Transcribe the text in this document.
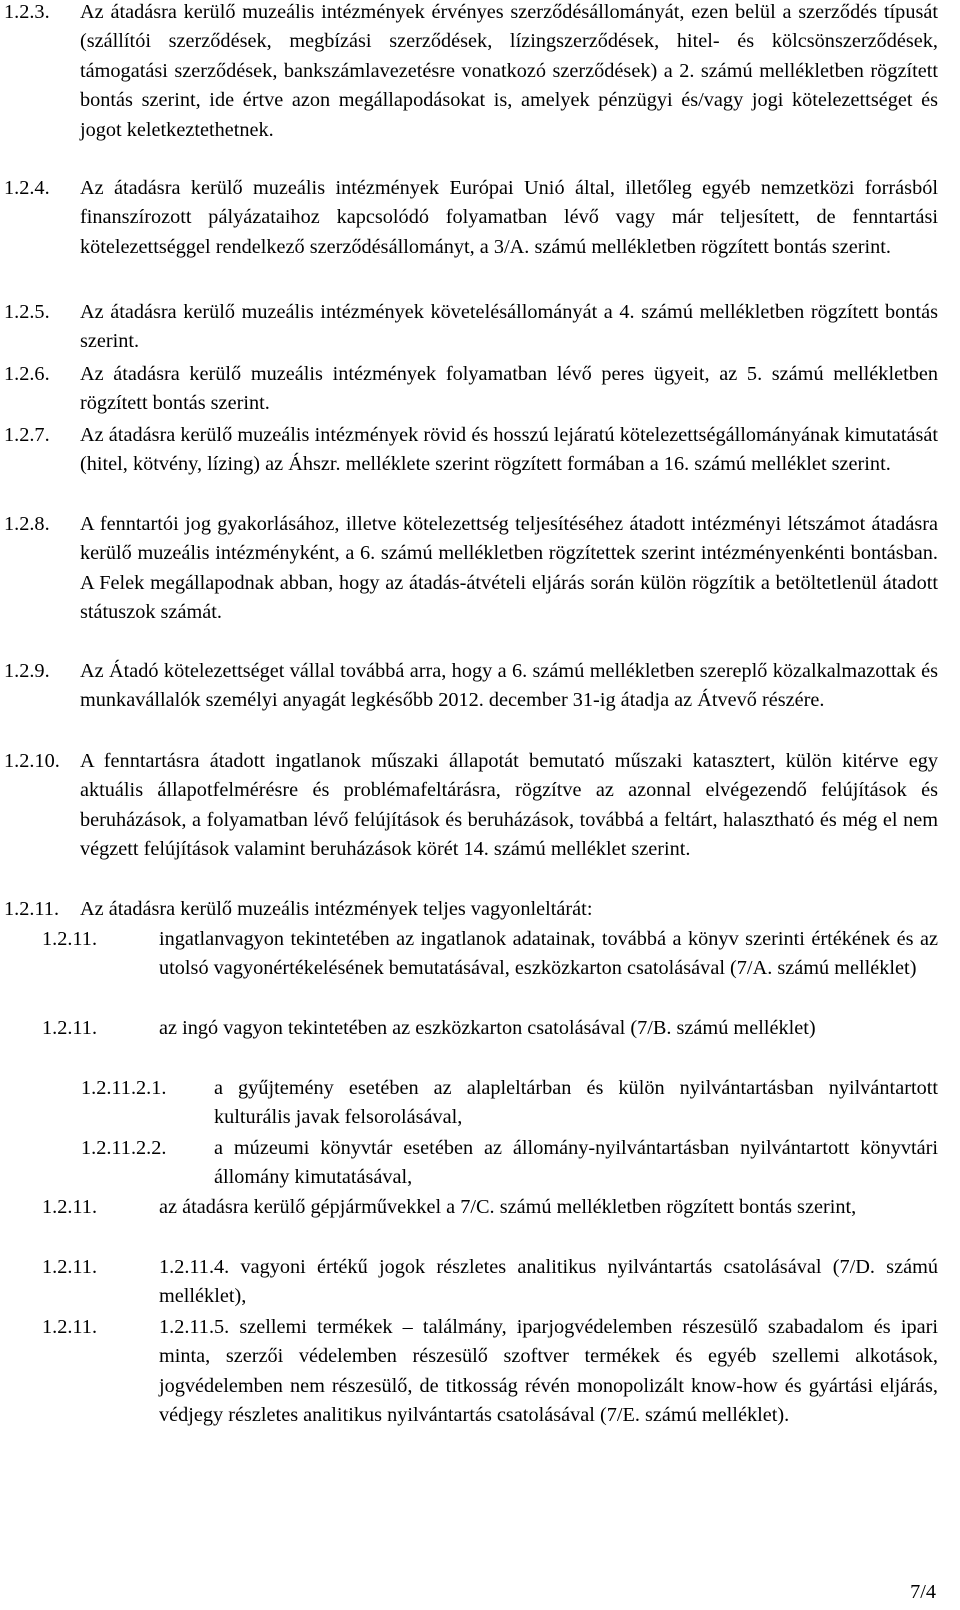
1.2.3. Az átadásra kerülő muzeális intézmények érvényes szerződésállományát, ezen belül a szerződés típusát (szállítói szerződések, megbízási szerződések, lízingszerződések, hitel- és kölcsönszerződések, támogatási szerződések, bankszámlavezetésre vonatkozó szerződések) a 2. számú mellékletben rögzített bontás szerint, ide értve azon megállapodásokat is, amelyek pénzügyi és/vagy jogi kötelezettséget és jogot keletkeztethetnek.

1.2.4. Az átadásra kerülő muzeális intézmények Európai Unió által, illetőleg egyéb nemzetközi forrásból finanszírozott pályázataihoz kapcsolódó folyamatban lévő vagy már teljesített, de fenntartási kötelezettséggel rendelkező szerződésállományt, a 3/A. számú mellékletben rögzített bontás szerint.

1.2.5. Az átadásra kerülő muzeális intézmények követelésállományát a 4. számú mellékletben rögzített bontás szerint.

1.2.6. Az átadásra kerülő muzeális intézmények folyamatban lévő peres ügyeit, az 5. számú mellékletben rögzített bontás szerint.

1.2.7. Az átadásra kerülő muzeális intézmények rövid és hosszú lejáratú kötelezettségállományának kimutatását (hitel, kötvény, lízing) az Áhszr. melléklete szerint rögzített formában a 16. számú melléklet szerint.

1.2.8. A fenntartói jog gyakorlásához, illetve kötelezettség teljesítéséhez átadott intézményi létszámot átadásra kerülő muzeális intézményként, a 6. számú mellékletben rögzítettek szerint intézményenkénti bontásban. A Felek megállapodnak abban, hogy az átadás-átvételi eljárás során külön rögzítik a betöltetlenül átadott státuszok számát.

1.2.9. Az Átadó kötelezettséget vállal továbbá arra, hogy a 6. számú mellékletben szereplő közalkalmazottak és munkavállalók személyi anyagát legkésőbb 2012. december 31-ig átadja az Átvevő részére.

1.2.10. A fenntartásra átadott ingatlanok műszaki állapotát bemutató műszaki katasztert, külön kitérve egy aktuális állapotfelmérésre és problémafeltárásra, rögzítve az azonnal elvégezendő felújítások és beruházások, a folyamatban lévő felújítások és beruházások, továbbá a feltárt, halasztható és még el nem végzett felújítások valamint beruházások körét 14. számú melléklet szerint.

1.2.11. Az átadásra kerülő muzeális intézmények teljes vagyonleltárát:

1.2.11.	ingatlanvagyon tekintetében az ingatlanok adatainak, továbbá a könyv szerinti értékének és az utolsó vagyonértékelésének bemutatásával, eszközkarton csatolásával (7/A. számú melléklet)

1.2.11.	az ingó vagyon tekintetében az eszközkarton csatolásával (7/B. számú melléklet)

1.2.11.2.1. a gyűjtemény esetében az alapleltárban és külön nyilvántartásban nyilvántartott kulturális javak felsorolásával,

1.2.11.2.2. a múzeumi könyvtár esetében az állomány-nyilvántartásban nyilvántartott könyvtári állomány kimutatásával,

1.2.11.	az átadásra kerülő gépjárművekkel a 7/C. számú mellékletben rögzített bontás szerint,

1.2.11.	1.2.11.4. vagyoni értékű jogok részletes analitikus nyilvántartás csatolásával (7/D. számú melléklet),

1.2.11.	1.2.11.5. szellemi termékek – találmány, iparjogvédelemben részesülő szabadalom és ipari minta, szerzői védelemben részesülő szoftver termékek és egyéb szellemi alkotások, jogvédelemben nem részesülő, de titkosság révén monopolizált know-how és gyártási eljárás, védjegy részletes analitikus nyilvántartás csatolásával (7/E. számú melléklet).

7/4
